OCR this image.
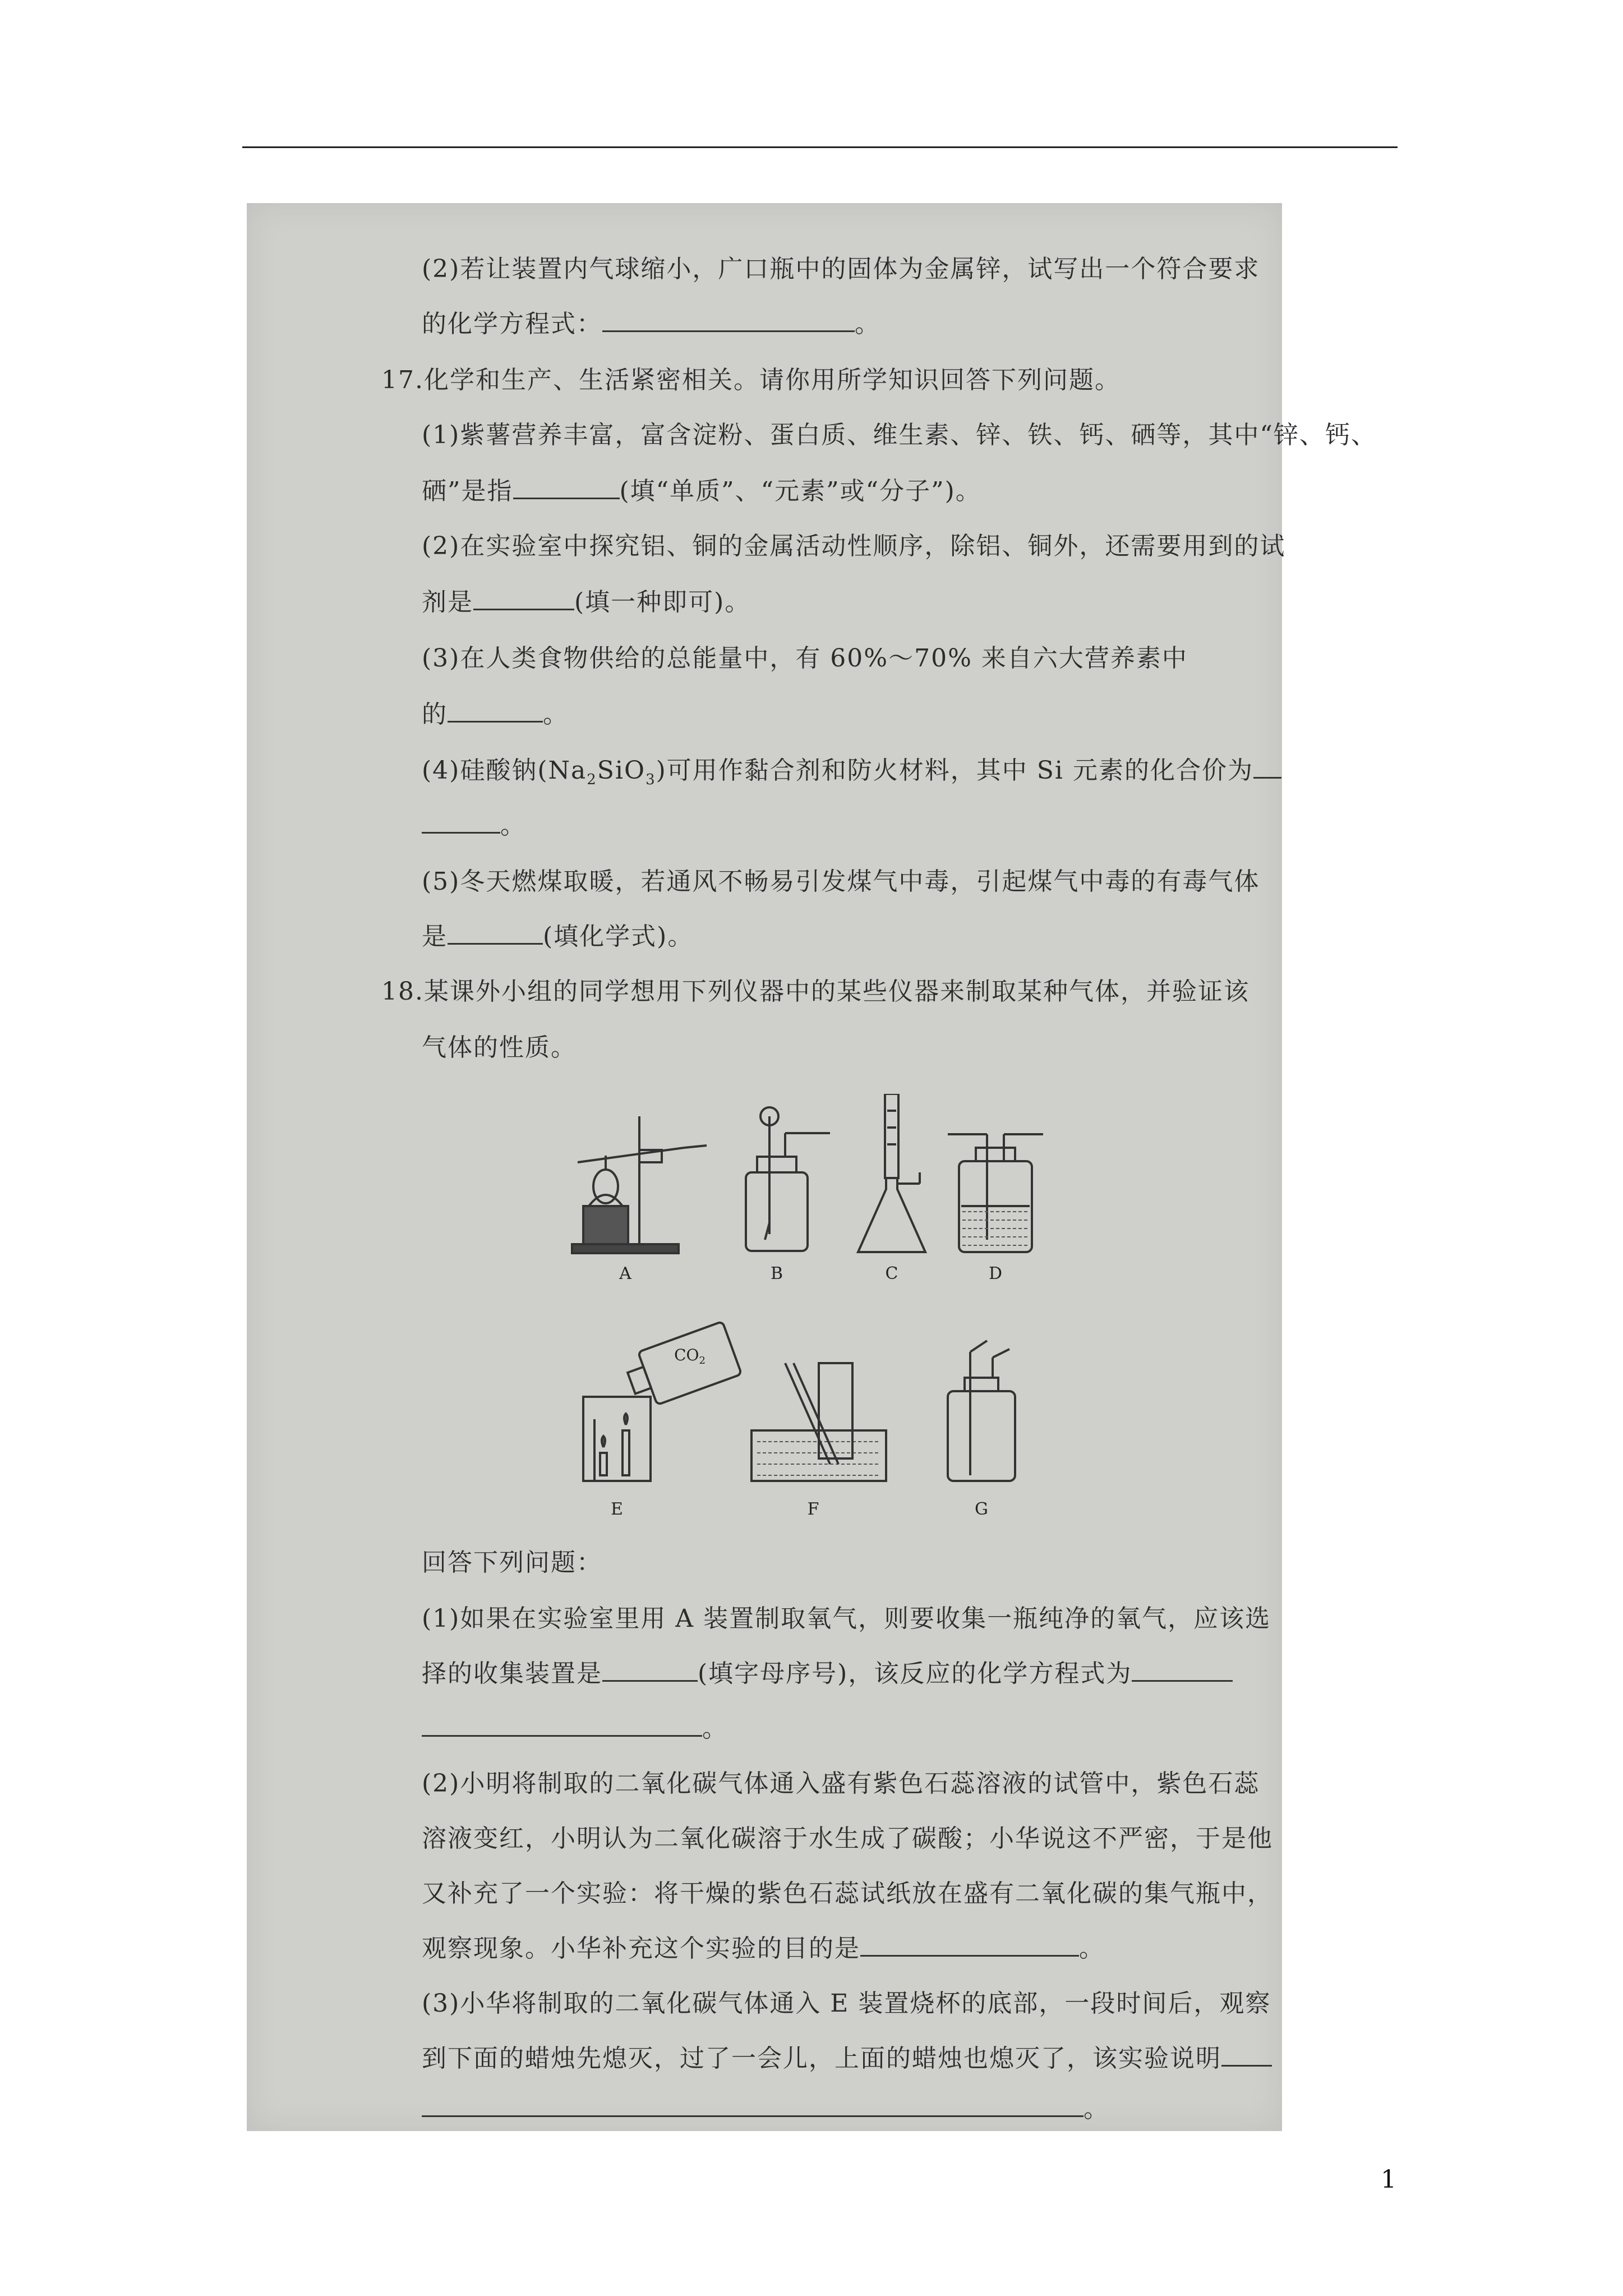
(2)若让装置内气球缩小，广口瓶中的固体为金属锌，试写出一个符合要求
的化学方程式：	。
17.化学和生产、生活紧密相关。请你用所学知识回答下列问题。
(1)紫薯营养丰富，富含淀粉、蛋白质、维生素、锌、铁、钙、硒等，其中“锌、钙、
硒”是指	(填“单质”、“元素”或“分子”)。
(2)在实验室中探究铝、铜的金属活动性顺序，除铝、铜外，还需要用到的试
剂是	(填一种即可)。
(3)在人类食物供给的总能量中，有 60%～70% 来自六大营养素中
的	。
(4)硅酸钠$(Na_2SiO_3)$可用作黏合剂和防火材料，其中 Si 元素的化合价为
。
(5)冬天燃煤取暖，若通风不畅易引发煤气中毒，引起煤气中毒的有毒气体
是	(填化学式)。
18.某课外小组的同学想用下列仪器中的某些仪器来制取某种气体，并验证该
气体的性质。
A	B	C	D
E	F	G
$CO_2$
回答下列问题：
(1)如果在实验室里用 A 装置制取氧气，则要收集一瓶纯净的氧气，应该选
择的收集装置是	(填字母序号)，该反应的化学方程式为
。
(2)小明将制取的二氧化碳气体通入盛有紫色石蕊溶液的试管中，紫色石蕊
溶液变红，小明认为二氧化碳溶于水生成了碳酸；小华说这不严密，于是他
又补充了一个实验：将干燥的紫色石蕊试纸放在盛有二氧化碳的集气瓶中，
观察现象。小华补充这个实验的目的是	。
(3)小华将制取的二氧化碳气体通入 E 装置烧杯的底部，一段时间后，观察
到下面的蜡烛先熄灭，过了一会儿，上面的蜡烛也熄灭了，该实验说明
。
1
